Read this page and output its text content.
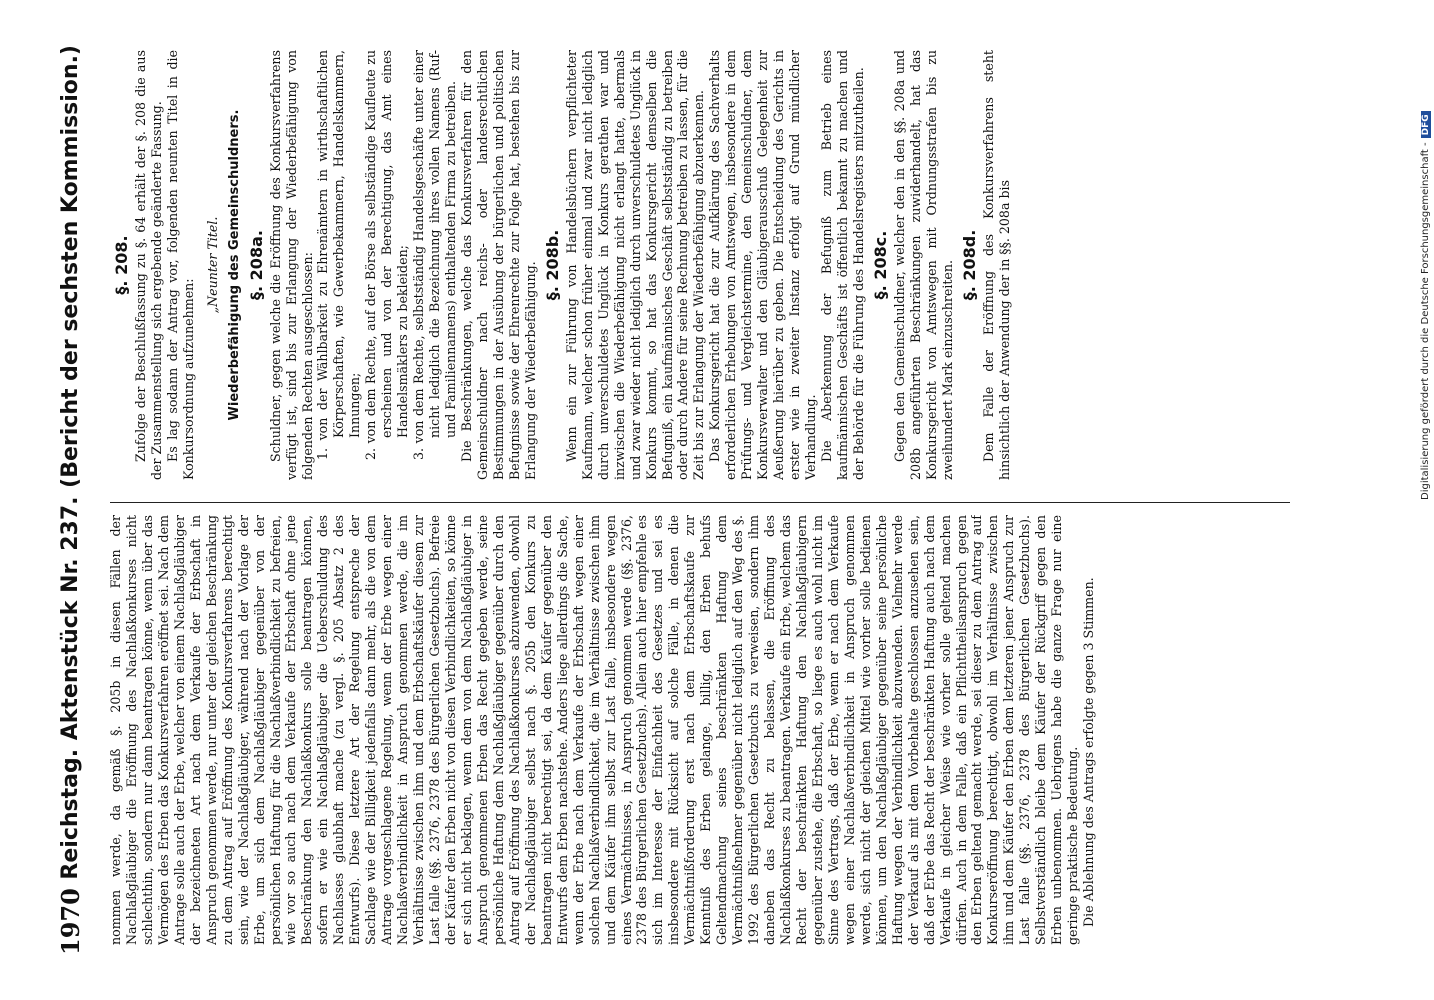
1970
Reichstag.
Aktenstück Nr. 237.
(Bericht der sechsten Kommission.)

nommen werde, da gemäß §. 205b in diesen Fällen der Nachlaßgläubiger die Eröffnung des Nachlaßkonkurses nicht schlechthin, sondern nur dann beantragen könne, wenn über das Vermögen des Erben das Konkursverfahren eröffnet sei. Nach dem Antrage solle auch der Erbe, welcher von einem Nachlaßgläubiger der bezeichneten Art nach dem Verkaufe der Erbschaft in Anspruch genommen werde, nur unter der gleichen Beschränkung zu dem Antrag auf Eröffnung des Konkursverfahrens berechtigt sein, wie der Nachlaßgläubiger, während nach der Vorlage der Erbe, um sich dem Nachlaßgläubiger gegenüber von der persönlichen Haftung für die Nachlaßverbindlichkeit zu befreien, wie vor so auch nach dem Verkaufe der Erbschaft ohne jene Beschränkung den Nachlaßkonkurs solle beantragen können, sofern er wie ein Nachlaßgläubiger die Ueberschuldung des Nachlasses glaubhaft mache (zu vergl. §. 205 Absatz 2 des Entwurfs). Diese letztere Art der Regelung entspreche der Sachlage wie der Billigkeit jedenfalls dann mehr, als die von dem Antrage vorgeschlagene Regelung, wenn der Erbe wegen einer Nachlaßverbindlichkeit in Anspruch genommen werde, die im Verhältnisse zwischen ihm und dem Erbschaftskäufer diesem zur Last falle (§§. 2376, 2378 des Bürgerlichen Gesetzbuchs). Befreie der Käufer den Erben nicht von diesen Verbindlichkeiten, so könne er sich nicht beklagen, wenn dem von dem Nachlaßgläubiger in Anspruch genommenen Erben das Recht gegeben werde, seine persönliche Haftung dem Nachlaßgläubiger gegenüber durch den Antrag auf Eröffnung des Nachlaßkonkurses abzuwenden, obwohl der Nachlaßgläubiger selbst nach §. 205b den Konkurs zu beantragen nicht berechtigt sei, da dem Käufer gegenüber den Entwurfs dem Erben nachstehe. Anders liege allerdings die Sache, wenn der Erbe nach dem Verkaufe der Erbschaft wegen einer solchen Nachlaßverbindlichkeit, die im Verhältnisse zwischen ihm und dem Käufer ihm selbst zur Last falle, insbesondere wegen eines Vermächtnisses, in Anspruch genommen werde (§§. 2376, 2378 des Bürgerlichen Gesetzbuchs). Allein auch hier empfehle es sich im Interesse der Einfachheit des Gesetzes und sei es insbesondere mit Rücksicht auf solche Fälle, in denen die Vermächtnißforderung erst nach dem Erbschaftskaufe zur Kenntniß des Erben gelange, billig, den Erben behufs Geltendmachung seines beschränkten Haftung dem Vermächtnißnehmer gegenüber nicht lediglich auf den Weg des §. 1992 des Bürgerlichen Gesetzbuchs zu verweisen, sondern ihm daneben das Recht zu belassen, die Eröffnung des Nachlaßkonkurses zu beantragen. Verkaufe ein Erbe, welchem das Recht der beschränkten Haftung den Nachlaßgläubigern gegenüber zustehe, die Erbschaft, so liege es auch wohl nicht im Sinne des Vertrags, daß der Erbe, wenn er nach dem Verkaufe wegen einer Nachlaßverbindlichkeit in Anspruch genommen werde, sich nicht der gleichen Mittel wie vorher solle bedienen können, um den Nachlaßgläubiger gegenüber seine persönliche Haftung wegen der Verbindlichkeit abzuwenden. Vielmehr werde der Verkauf als mit dem Vorbehalte geschlossen anzusehen sein, daß der Erbe das Recht der beschränkten Haftung auch nach dem Verkaufe in gleicher Weise wie vorher solle geltend machen dürfen. Auch in dem Falle, daß ein Pflichttheilsanspruch gegen den Erben geltend gemacht werde, sei dieser zu dem Antrag auf Konkurseröffnung berechtigt, obwohl im Verhältnisse zwischen ihm und dem Käufer den Erben dem letzteren jener Anspruch zur Last falle (§§. 2376, 2378 des Bürgerlichen Gesetzbuchs). Selbstverständlich bleibe dem Käufer der Rückgriff gegen den Erben unbenommen. Uebrigens habe die ganze Frage nur eine geringe praktische Bedeutung. Die Ablehnung des Antrags erfolgte gegen 3 Stimmen.

§. 208. Zufolge der Beschlußfassung zu §. 64 erhält der §. 208 die aus der Zusammenstellung sich ergebende geänderte Fassung. Es lag sodann der Antrag vor, folgenden neunten Titel in die Konkursordnung aufzunehmen:

„Neunter Titel. Wiederbefähigung des Gemeinschuldners. §. 208a. Schuldner, gegen welche die Eröffnung des Konkursverfahrens verfügt ist, sind bis zur Erlangung der Wiederbefähigung von folgenden Rechten ausgeschlossen: 1. von der Wählbarkeit zu Ehrenämtern in wirthschaftlichen Körperschaften, wie Gewerbekammern, Handelskammern, Innungen; 2. von dem Rechte, auf der Börse als selbständige Kaufleute zu erscheinen und von der Berechtigung, das Amt eines Handelsmäklers zu bekleiden; 3. von dem Rechte, selbstständig Handelsgeschäfte unter einer nicht lediglich die Bezeichnung ihres vollen Namens (Ruf- und Familiennamens) enthaltenden Firma zu betreiben. Die Beschränkungen, welche das Konkursverfahren für den Gemeinschuldner nach reichs- oder landesrechtlichen Bestimmungen in der Ausübung der bürgerlichen und politischen Befugnisse sowie der Ehrenrechte zur Folge hat, bestehen bis zur Erlangung der Wiederbefähigung. §. 208b. Wenn ein zur Führung von Handelsbüchern verpflichteter Kaufmann, welcher schon früher einmal und zwar nicht lediglich durch unverschuldetes Unglück in Konkurs gerathen war und inzwischen die Wiederbefähigung nicht erlangt hatte, abermals und zwar wieder nicht lediglich durch unverschuldetes Unglück in Konkurs kommt, so hat das Konkursgericht demselben die Befugniß, ein kaufmännisches Geschäft selbstständig zu betreiben oder durch Andere für seine Rechnung betreiben zu lassen, für die Zeit bis zur Erlangung der Wiederbefähigung abzuerkennen. Das Konkursgericht hat die zur Aufklärung des Sachverhalts erforderlichen Erhebungen von Amtswegen, insbesondere in dem Prüfungs- und Vergleichstermine, den Gemeinschuldner, dem Konkursverwalter und den Gläubigerausschuß Gelegenheit zur Aeußerung hierüber zu geben. Die Entscheidung des Gerichts in erster wie in zweiter Instanz erfolgt auf Grund mündlicher Verhandlung. Die Aberkennung der Befugniß zum Betrieb eines kaufmännischen Geschäfts ist öffentlich bekannt zu machen und der Behörde für die Führung des Handelsregisters mitzutheilen. §. 208c. Gegen den Gemeinschuldner, welcher den in den §§. 208a und 208b angeführten Beschränkungen zuwiderhandelt, hat das Konkursgericht von Amtswegen mit Ordnungsstrafen bis zu zweihundert Mark einzuschreiten. §. 208d. Dem Falle der Eröffnung des Konkursverfahrens steht hinsichtlich der Anwendung der in §§. 208a bis	Digitalisierung gefördert durch die Deutsche Forschungsgemeinschaft -DFG
